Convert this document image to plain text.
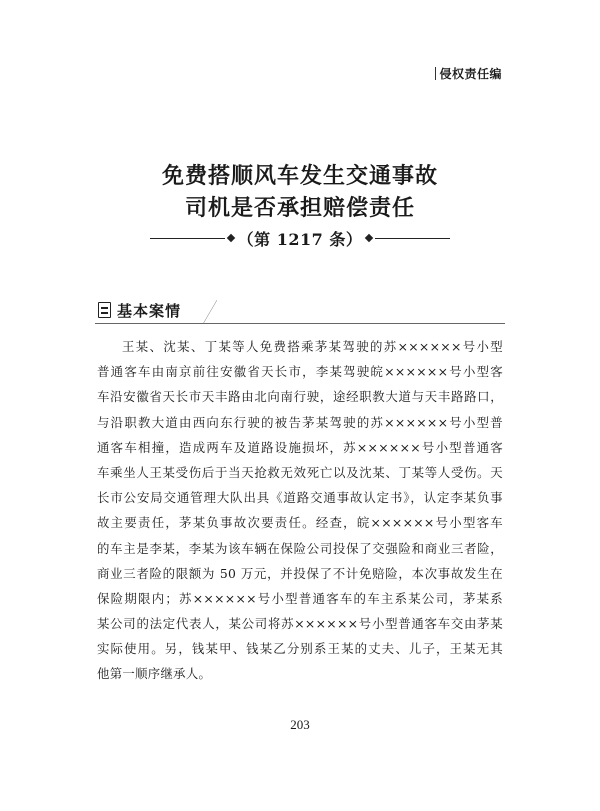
侵权责任编
免费搭顺风车发生交通事故
司机是否承担赔偿责任
（第 1217 条）
基本案情
王某、沈某、丁某等人免费搭乘茅某驾驶的苏××××××号小型
普通客车由南京前往安徽省天长市，李某驾驶皖××××××号小型客
车沿安徽省天长市天丰路由北向南行驶，途经职教大道与天丰路路口，
与沿职教大道由西向东行驶的被告茅某驾驶的苏××××××号小型普
通客车相撞，造成两车及道路设施损坏，苏××××××号小型普通客
车乘坐人王某受伤后于当天抢救无效死亡以及沈某、丁某等人受伤。天
长市公安局交通管理大队出具《道路交通事故认定书》，认定李某负事
故主要责任，茅某负事故次要责任。经查，皖××××××号小型客车
的车主是李某，李某为该车辆在保险公司投保了交强险和商业三者险，
商业三者险的限额为 50 万元，并投保了不计免赔险，本次事故发生在
保险期限内；苏××××××号小型普通客车的车主系某公司，茅某系
某公司的法定代表人，某公司将苏××××××号小型普通客车交由茅某
实际使用。另，钱某甲、钱某乙分别系王某的丈夫、儿子，王某无其
他第一顺序继承人。
203
